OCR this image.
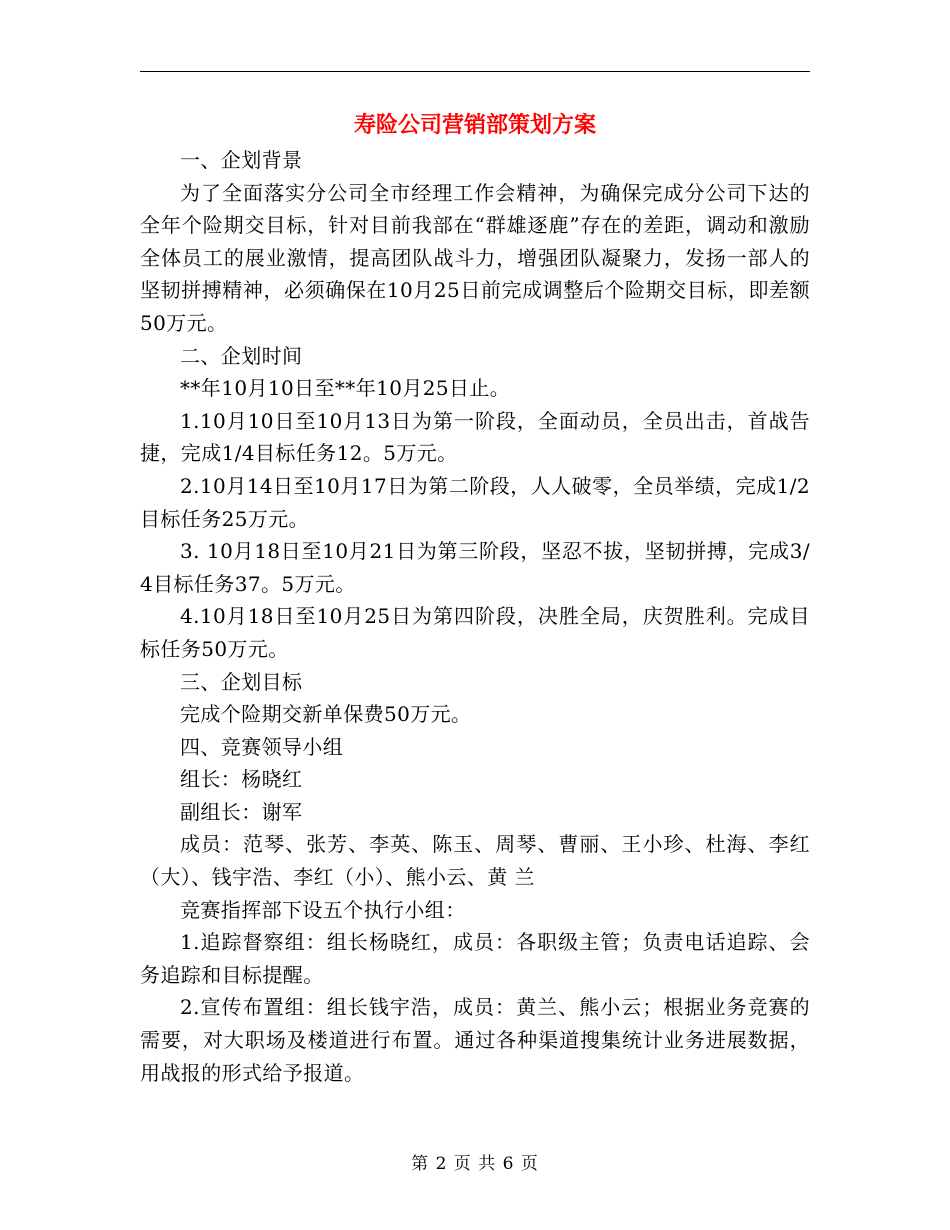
寿险公司营销部策划方案

一、企划背景

为了全面落实分公司全市经理工作会精神，为确保完成分公司下达的全年个险期交目标，针对目前我部在“群雄逐鹿”存在的差距，调动和激励全体员工的展业激情，提高团队战斗力，增强团队凝聚力，发扬一部人的坚韧拼搏精神，必须确保在10月25日前完成调整后个险期交目标，即差额50万元。

二、企划时间

**年10月10日至**年10月25日止。

1.10月10日至10月13日为第一阶段，全面动员，全员出击，首战告捷，完成1/4目标任务12。5万元。

2.10月14日至10月17日为第二阶段，人人破零，全员举绩，完成1/2目标任务25万元。

3. 10月18日至10月21日为第三阶段，坚忍不拔，坚韧拼搏，完成3/4目标任务37。5万元。

4.10月18日至10月25日为第四阶段，决胜全局，庆贺胜利。完成目标任务50万元。

三、企划目标

完成个险期交新单保费50万元。

四、竞赛领导小组

组长：杨晓红

副组长：谢军

成员：范琴、张芳、李英、陈玉、周琴、曹丽、王小珍、杜海、李红（大）、钱宇浩、李红（小）、熊小云、黄 兰

竞赛指挥部下设五个执行小组：

1.追踪督察组：组长杨晓红，成员：各职级主管；负责电话追踪、会务追踪和目标提醒。

2.宣传布置组：组长钱宇浩，成员：黄兰、熊小云；根据业务竞赛的需要，对大职场及楼道进行布置。通过各种渠道搜集统计业务进展数据，用战报的形式给予报道。

第 2 页 共 6 页
